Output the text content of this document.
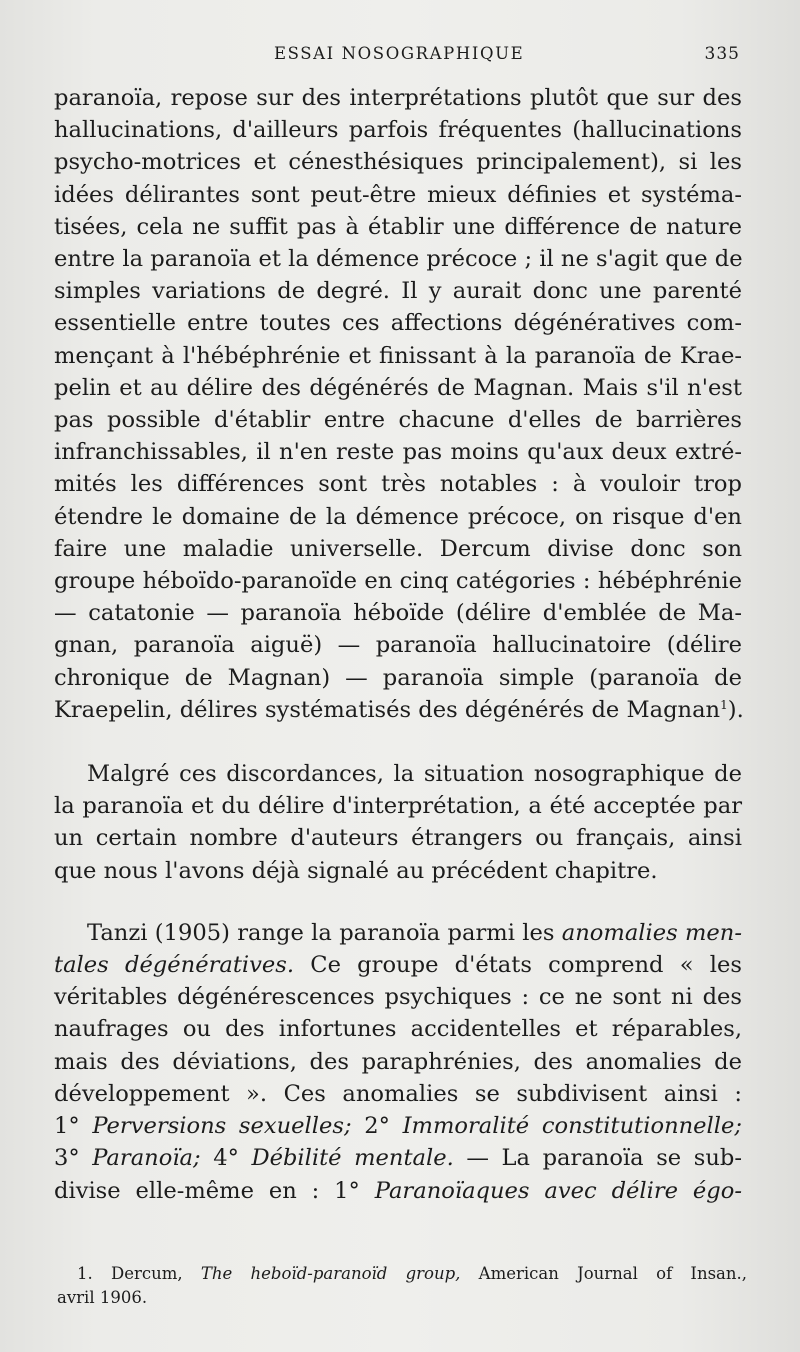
ESSAI NOSOGRAPHIQUE	335
paranoïa, repose sur des interprétations plutôt que sur des
hallucinations, d'ailleurs parfois fréquentes (hallucinations
psycho-motrices et cénesthésiques principalement), si les
idées délirantes sont peut-être mieux définies et systéma-
tisées, cela ne suffit pas à établir une différence de nature
entre la paranoïa et la démence précoce ; il ne s'agit que de
simples variations de degré. Il y aurait donc une parenté
essentielle entre toutes ces affections dégénératives com-
mençant à l'hébéphrénie et finissant à la paranoïa de Krae-
pelin et au délire des dégénérés de Magnan. Mais s'il n'est
pas possible d'établir entre chacune d'elles de barrières
infranchissables, il n'en reste pas moins qu'aux deux extré-
mités les différences sont très notables : à vouloir trop
étendre le domaine de la démence précoce, on risque d'en
faire une maladie universelle. Dercum divise donc son
groupe héboïdo-paranoïde en cinq catégories : hébéphrénie
— catatonie — paranoïa héboïde (délire d'emblée de Ma-
gnan, paranoïa aiguë) — paranoïa hallucinatoire (délire
chronique de Magnan) — paranoïa simple (paranoïa de
Kraepelin, délires systématisés des dégénérés de Magnan$^1$).
Malgré ces discordances, la situation nosographique de
la paranoïa et du délire d'interprétation, a été acceptée par
un certain nombre d'auteurs étrangers ou français, ainsi
que nous l'avons déjà signalé au précédent chapitre.
Tanzi (1905) range la paranoïa parmi les anomalies men-
tales dégénératives. Ce groupe d'états comprend « les
véritables dégénérescences psychiques : ce ne sont ni des
naufrages ou des infortunes accidentelles et réparables,
mais des déviations, des paraphrénies, des anomalies de
développement ». Ces anomalies se subdivisent ainsi :
1° Perversions sexuelles; 2° Immoralité constitutionnelle;
3° Paranoïa; 4° Débilité mentale. — La paranoïa se sub-
divise elle-même en : 1° Paranoïaques avec délire égo-
1. Dercum, The heboïd-paranoïd group, American Journal of Insan.,
avril 1906.
